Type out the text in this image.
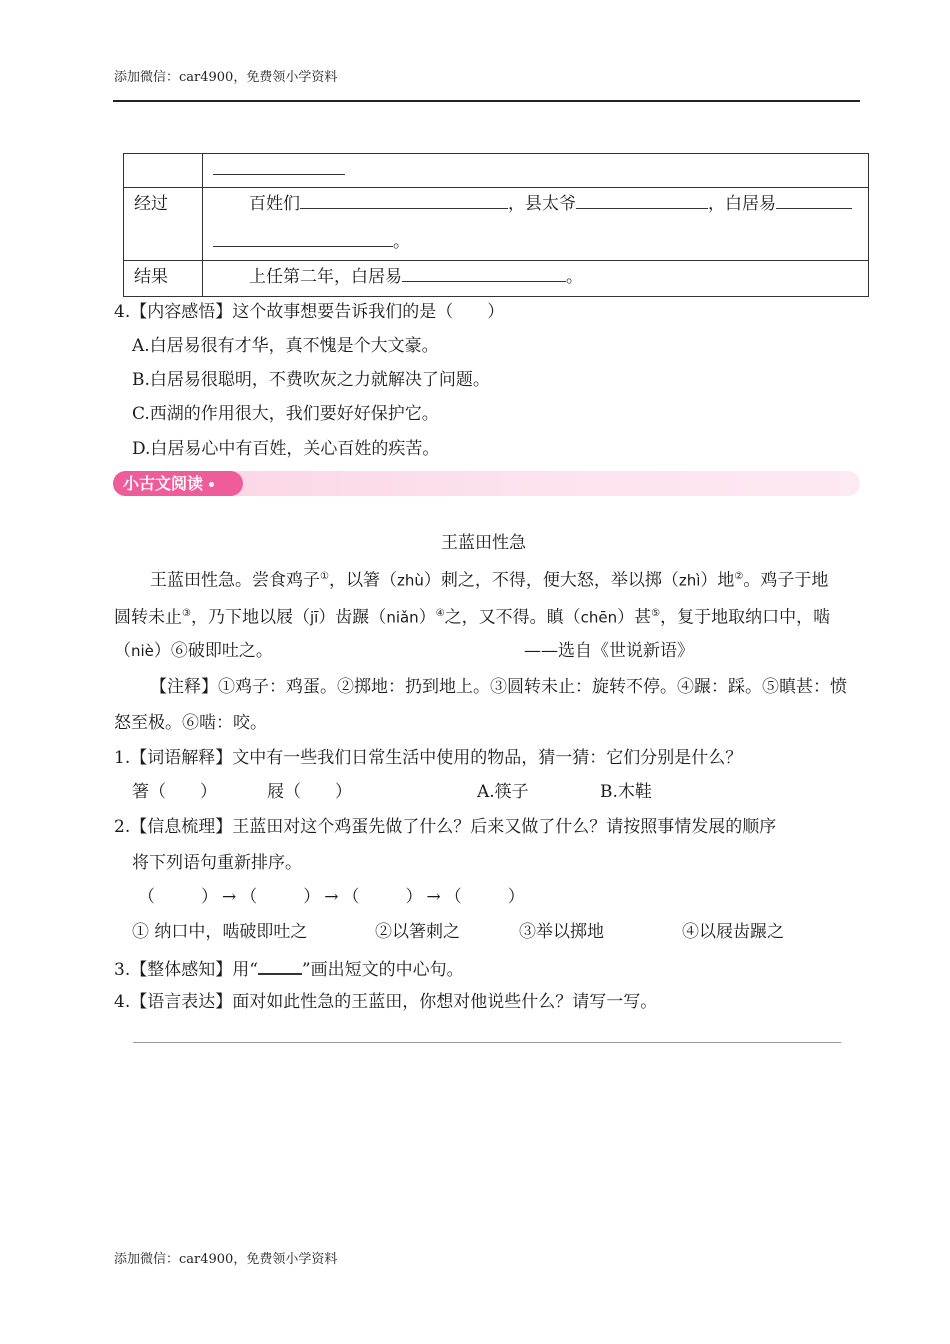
添加微信：car4900，免费领小学资料

经过	百姓们 ，县太爷 ，白居易
。

结果	上任第二年，白居易 。
4.【内容感悟】这个故事想要告诉我们的是（　　）
A.白居易很有才华，真不愧是个大文豪。
B.白居易很聪明，不费吹灰之力就解决了问题。
C.西湖的作用很大，我们要好好保护它。
D.白居易心中有百姓，关心百姓的疾苦。
小古文阅读
王蓝田性急
王蓝田性急。尝食鸡子①，以箸（zhù）刺之，不得，便大怒，举以掷（zhì）地②。鸡子于地
圆转未止③，乃下地以屐（jī）齿蹍（niǎn）④之，又不得。瞋（chēn）甚⑤，复于地取纳口中，啮
（niè）⑥破即吐之。	——选自《世说新语》
【注释】①鸡子：鸡蛋。②掷地：扔到地上。③圆转未止：旋转不停。④蹍：踩。⑤瞋甚：愤
怒至极。⑥啮：咬。
1.【词语解释】文中有一些我们日常生活中使用的物品，猜一猜：它们分别是什么？
箸（　　）	屐（　　）	A.筷子	B.木鞋
2.【信息梳理】王蓝田对这个鸡蛋先做了什么？后来又做了什么？请按照事情发展的顺序
将下列语句重新排序。
（　　）→（　　）→（　　）→（　　）
① 纳口中，啮破即吐之	②以箸刺之	③举以掷地	④以屐齿蹍之
3.【整体感知】用“	”画出短文的中心句。
4.【语言表达】面对如此性急的王蓝田，你想对他说些什么？请写一写。
添加微信：car4900，免费领小学资料
